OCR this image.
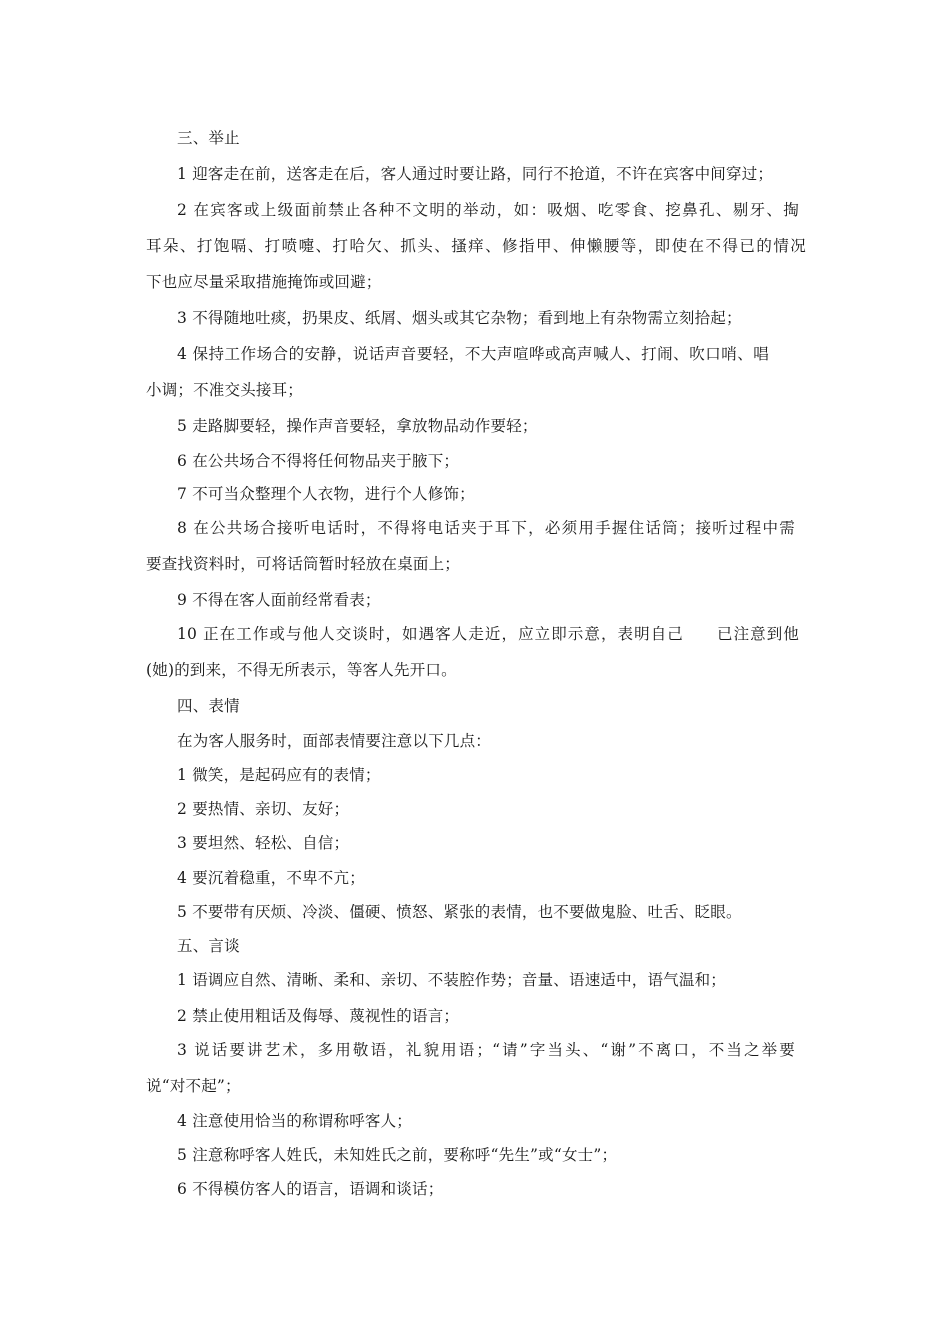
三、举止
1 迎客走在前，送客走在后，客人通过时要让路，同行不抢道，不许在宾客中间穿过；
2 在宾客或上级面前禁止各种不文明的举动，如：吸烟、吃零食、挖鼻孔、剔牙、掏
耳朵、打饱嗝、打喷嚏、打哈欠、抓头、搔痒、修指甲、伸懒腰等，即使在不得已的情况
下也应尽量采取措施掩饰或回避；
3 不得随地吐痰，扔果皮、纸屑、烟头或其它杂物；看到地上有杂物需立刻拾起；
4 保持工作场合的安静，说话声音要轻，不大声喧哗或高声喊人、打闹、吹口哨、唱
小调；不准交头接耳；
5 走路脚要轻，操作声音要轻，拿放物品动作要轻；
6 在公共场合不得将任何物品夹于腋下；
7 不可当众整理个人衣物，进行个人修饰；
8 在公共场合接听电话时，不得将电话夹于耳下，必须用手握住话筒；接听过程中需
要查找资料时，可将话筒暂时轻放在桌面上；
9 不得在客人面前经常看表；
10 正在工作或与他人交谈时，如遇客人走近，应立即示意，表明自己　　已注意到他
(她)的到来，不得无所表示，等客人先开口。
四、表情
在为客人服务时，面部表情要注意以下几点：
1 微笑，是起码应有的表情；
2 要热情、亲切、友好；
3 要坦然、轻松、自信；
4 要沉着稳重，不卑不亢；
5 不要带有厌烦、冷淡、僵硬、愤怒、紧张的表情，也不要做鬼脸、吐舌、眨眼。
五、言谈
1 语调应自然、清晰、柔和、亲切、不装腔作势；音量、语速适中，语气温和；
2 禁止使用粗话及侮辱、蔑视性的语言；
3 说话要讲艺术，多用敬语，礼貌用语；“请”字当头、“谢”不离口，不当之举要
说“对不起”；
4 注意使用恰当的称谓称呼客人；
5 注意称呼客人姓氏，未知姓氏之前，要称呼“先生”或“女士”；
6 不得模仿客人的语言，语调和谈话；
